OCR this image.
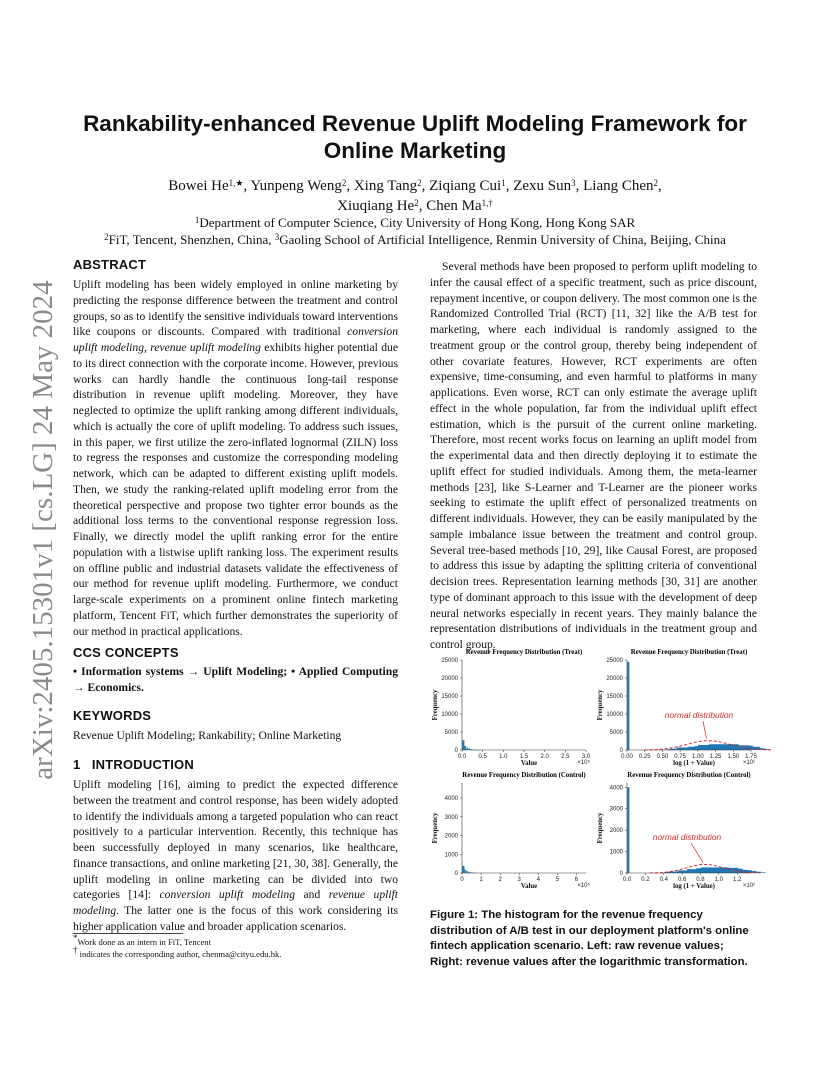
arXiv:2405.15301v1 [cs.LG] 24 May 2024
Rankability-enhanced Revenue Uplift Modeling Framework for Online Marketing
Bowei $He^{1,★}$, Yunpeng Weng$^2$, Xing Tang$^2$, Ziqiang Cui$^1$, Zexu Sun$^3$, Liang Chen$^2$,
Xiuqiang He$^2$, Chen $Ma^{1,\dagger}$
$^1$Department of Computer Science, City University of Hong Kong, Hong Kong SAR
$^2$FiT, Tencent, Shenzhen, China, $^3$Gaoling School of Artificial Intelligence, Renmin University of China, Beijing, China
ABSTRACT

Uplift modeling has been widely employed in online marketing by predicting the response difference between the treatment and control groups, so as to identify the sensitive individuals toward interventions like coupons or discounts. Compared with traditional conversion uplift modeling, revenue uplift modeling exhibits higher potential due to its direct connection with the corporate income. However, previous works can hardly handle the continuous long-tail response distribution in revenue uplift modeling. Moreover, they have neglected to optimize the uplift ranking among different individuals, which is actually the core of uplift modeling. To address such issues, in this paper, we first utilize the zero-inflated lognormal (ZILN) loss to regress the responses and customize the corresponding modeling network, which can be adapted to different existing uplift models. Then, we study the ranking-related uplift modeling error from the theoretical perspective and propose two tighter error bounds as the additional loss terms to the conventional response regression loss. Finally, we directly model the uplift ranking error for the entire population with a listwise uplift ranking loss. The experiment results on offline public and industrial datasets validate the effectiveness of our method for revenue uplift modeling. Furthermore, we conduct large-scale experiments on a prominent online fintech marketing platform, Tencent FiT, which further demonstrates the superiority of our method in practical applications.

CCS CONCEPTS
• Information systems → Uplift Modeling; • Applied Computing → Economics.
KEYWORDS
Revenue Uplift Modeling; Rankability; Online Marketing
1   INTRODUCTION

Uplift modeling [16], aiming to predict the expected difference between the treatment and control response, has been widely adopted to identify the individuals among a targeted population who can react positively to a particular intervention. Recently, this technique has been successfully deployed in many scenarios, like healthcare, finance transactions, and online marketing [21, 30, 38]. Generally, the uplift modeling in online marketing can be divided into two categories [14]: conversion uplift modeling and revenue uplift modeling. The latter one is the focus of this work considering its higher application value and broader application scenarios.

*Work done as an intern in FiT, Tencent
† indicates the corresponding author, chenma@cityu.edu.hk.
Several methods have been proposed to perform uplift modeling to infer the causal effect of a specific treatment, such as price discount, repayment incentive, or coupon delivery. The most common one is the Randomized Controlled Trial (RCT) [11, 32] like the A/B test for marketing, where each individual is randomly assigned to the treatment group or the control group, thereby being independent of other covariate features. However, RCT experiments are often expensive, time-consuming, and even harmful to platforms in many applications. Even worse, RCT can only estimate the average uplift effect in the whole population, far from the individual uplift effect estimation, which is the pursuit of the current online marketing. Therefore, most recent works focus on learning an uplift model from the experimental data and then directly deploying it to estimate the uplift effect for studied individuals. Among them, the meta-learner methods [23], like S-Learner and T-Learner are the pioneer works seeking to estimate the uplift effect of personalized treatments on different individuals. However, they can be easily manipulated by the sample imbalance issue between the treatment and control group. Several tree-based methods [10, 29], like Causal Forest, are proposed to address this issue by adapting the splitting criteria of conventional decision trees. Representation learning methods [30, 31] are another type of dominant approach to this issue with the development of deep neural networks especially in recent years. They mainly balance the representation distributions of individuals in the treatment group and control group.
Revenue Frequency Distribution (Treat)
0
5000
10000
15000
20000
25000
0.0 0.5 1.0 1.5 2.0 2.5 3.0
×10⁵
Value
Frequency
Revenue Frequency Distribution (Treat)
0
5000
10000
15000
20000
25000
0.00 0.25 0.50 0.75 1.00 1.25 1.50 1.75
×10¹
log (1 + Value)
Frequency	normal distribution
Revenue Frequency Distribution (Control)
0
1000
2000
3000
4000
0	1	2	3	4	5	6
×10⁵
Value
Frequency
Revenue Frequency Distribution (Control)
0
1000
2000
3000
4000
0.0 0.2 0.4 0.6 0.8 1.0 1.2
×10¹
log (1 + Value)
Frequency	normal distribution
Figure 1: The histogram for the revenue frequency distribution of A/B test in our deployment platform's online fintech application scenario. Left: raw revenue values; Right: revenue values after the logarithmic transformation.
